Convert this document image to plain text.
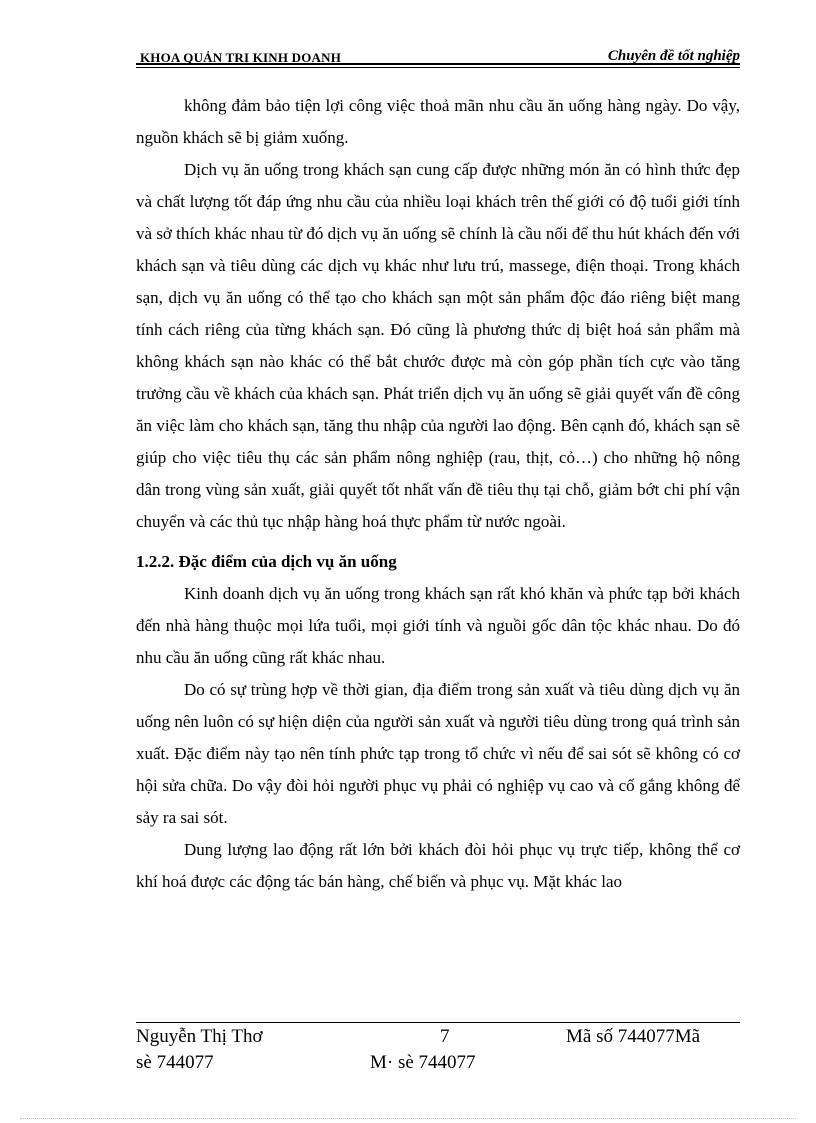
KHOA QUẢN TRỊ KINH DOANH	Chuyên đề tốt nghiệp

không đảm bảo tiện lợi công việc thoả mãn nhu cầu ăn uống hàng ngày. Do vậy, nguồn khách sẽ bị giảm xuống.

Dịch vụ ăn uống trong khách sạn cung cấp được những món ăn có hình thức đẹp và chất lượng tốt đáp ứng nhu cầu của nhiều loại khách trên thế giới có độ tuổi giới tính và sở thích khác nhau từ đó dịch vụ ăn uống sẽ chính là cầu nối để thu hút khách đến với khách sạn và tiêu dùng các dịch vụ khác như lưu trú, massege, điện thoại. Trong khách sạn, dịch vụ ăn uống có thể tạo cho khách sạn một sản phẩm độc đáo riêng biệt mang tính cách riêng của từng khách sạn. Đó cũng là phương thức dị biệt hoá sản phẩm mà không khách sạn nào khác có thể bắt chước được mà còn góp phần tích cực vào tăng trưởng cầu về khách của khách sạn. Phát triển dịch vụ ăn uống sẽ giải quyết vấn đề công ăn việc làm cho khách sạn, tăng thu nhập của người lao động. Bên cạnh đó, khách sạn sẽ giúp cho việc tiêu thụ các sản phẩm nông nghiệp (rau, thịt, cỏ…) cho những hộ nông dân trong vùng sản xuất, giải quyết tốt nhất vấn đề tiêu thụ tại chỗ, giảm bớt chi phí vận chuyển và các thủ tục nhập hàng hoá thực phẩm từ nước ngoài.

1.2.2. Đặc điểm của dịch vụ ăn uống

Kinh doanh dịch vụ ăn uống trong khách sạn rất khó khăn và phức tạp bởi khách đến nhà hàng thuộc mọi lứa tuổi, mọi giới tính và nguồi gốc dân tộc khác nhau. Do đó nhu cầu ăn uống cũng rất khác nhau.

Do có sự trùng hợp về thời gian, địa điểm trong sản xuất và tiêu dùng dịch vụ ăn uống nên luôn có sự hiện diện của người sản xuất và người tiêu dùng trong quá trình sản xuất. Đặc điểm này tạo nên tính phức tạp trong tổ chức vì nếu để sai sót sẽ không có cơ hội sửa chữa. Do vậy đòi hỏi người phục vụ phải có nghiệp vụ cao và cố gắng không để sảy ra sai sót.

Dung lượng lao động rất lớn bởi khách đòi hỏi phục vụ trực tiếp, không thể cơ khí hoá được các động tác bán hàng, chế biến và phục vụ. Mặt khác lao

Nguyễn Thị Thơ	7	Mã số 744077Mã
sè 744077	M· sè 744077
